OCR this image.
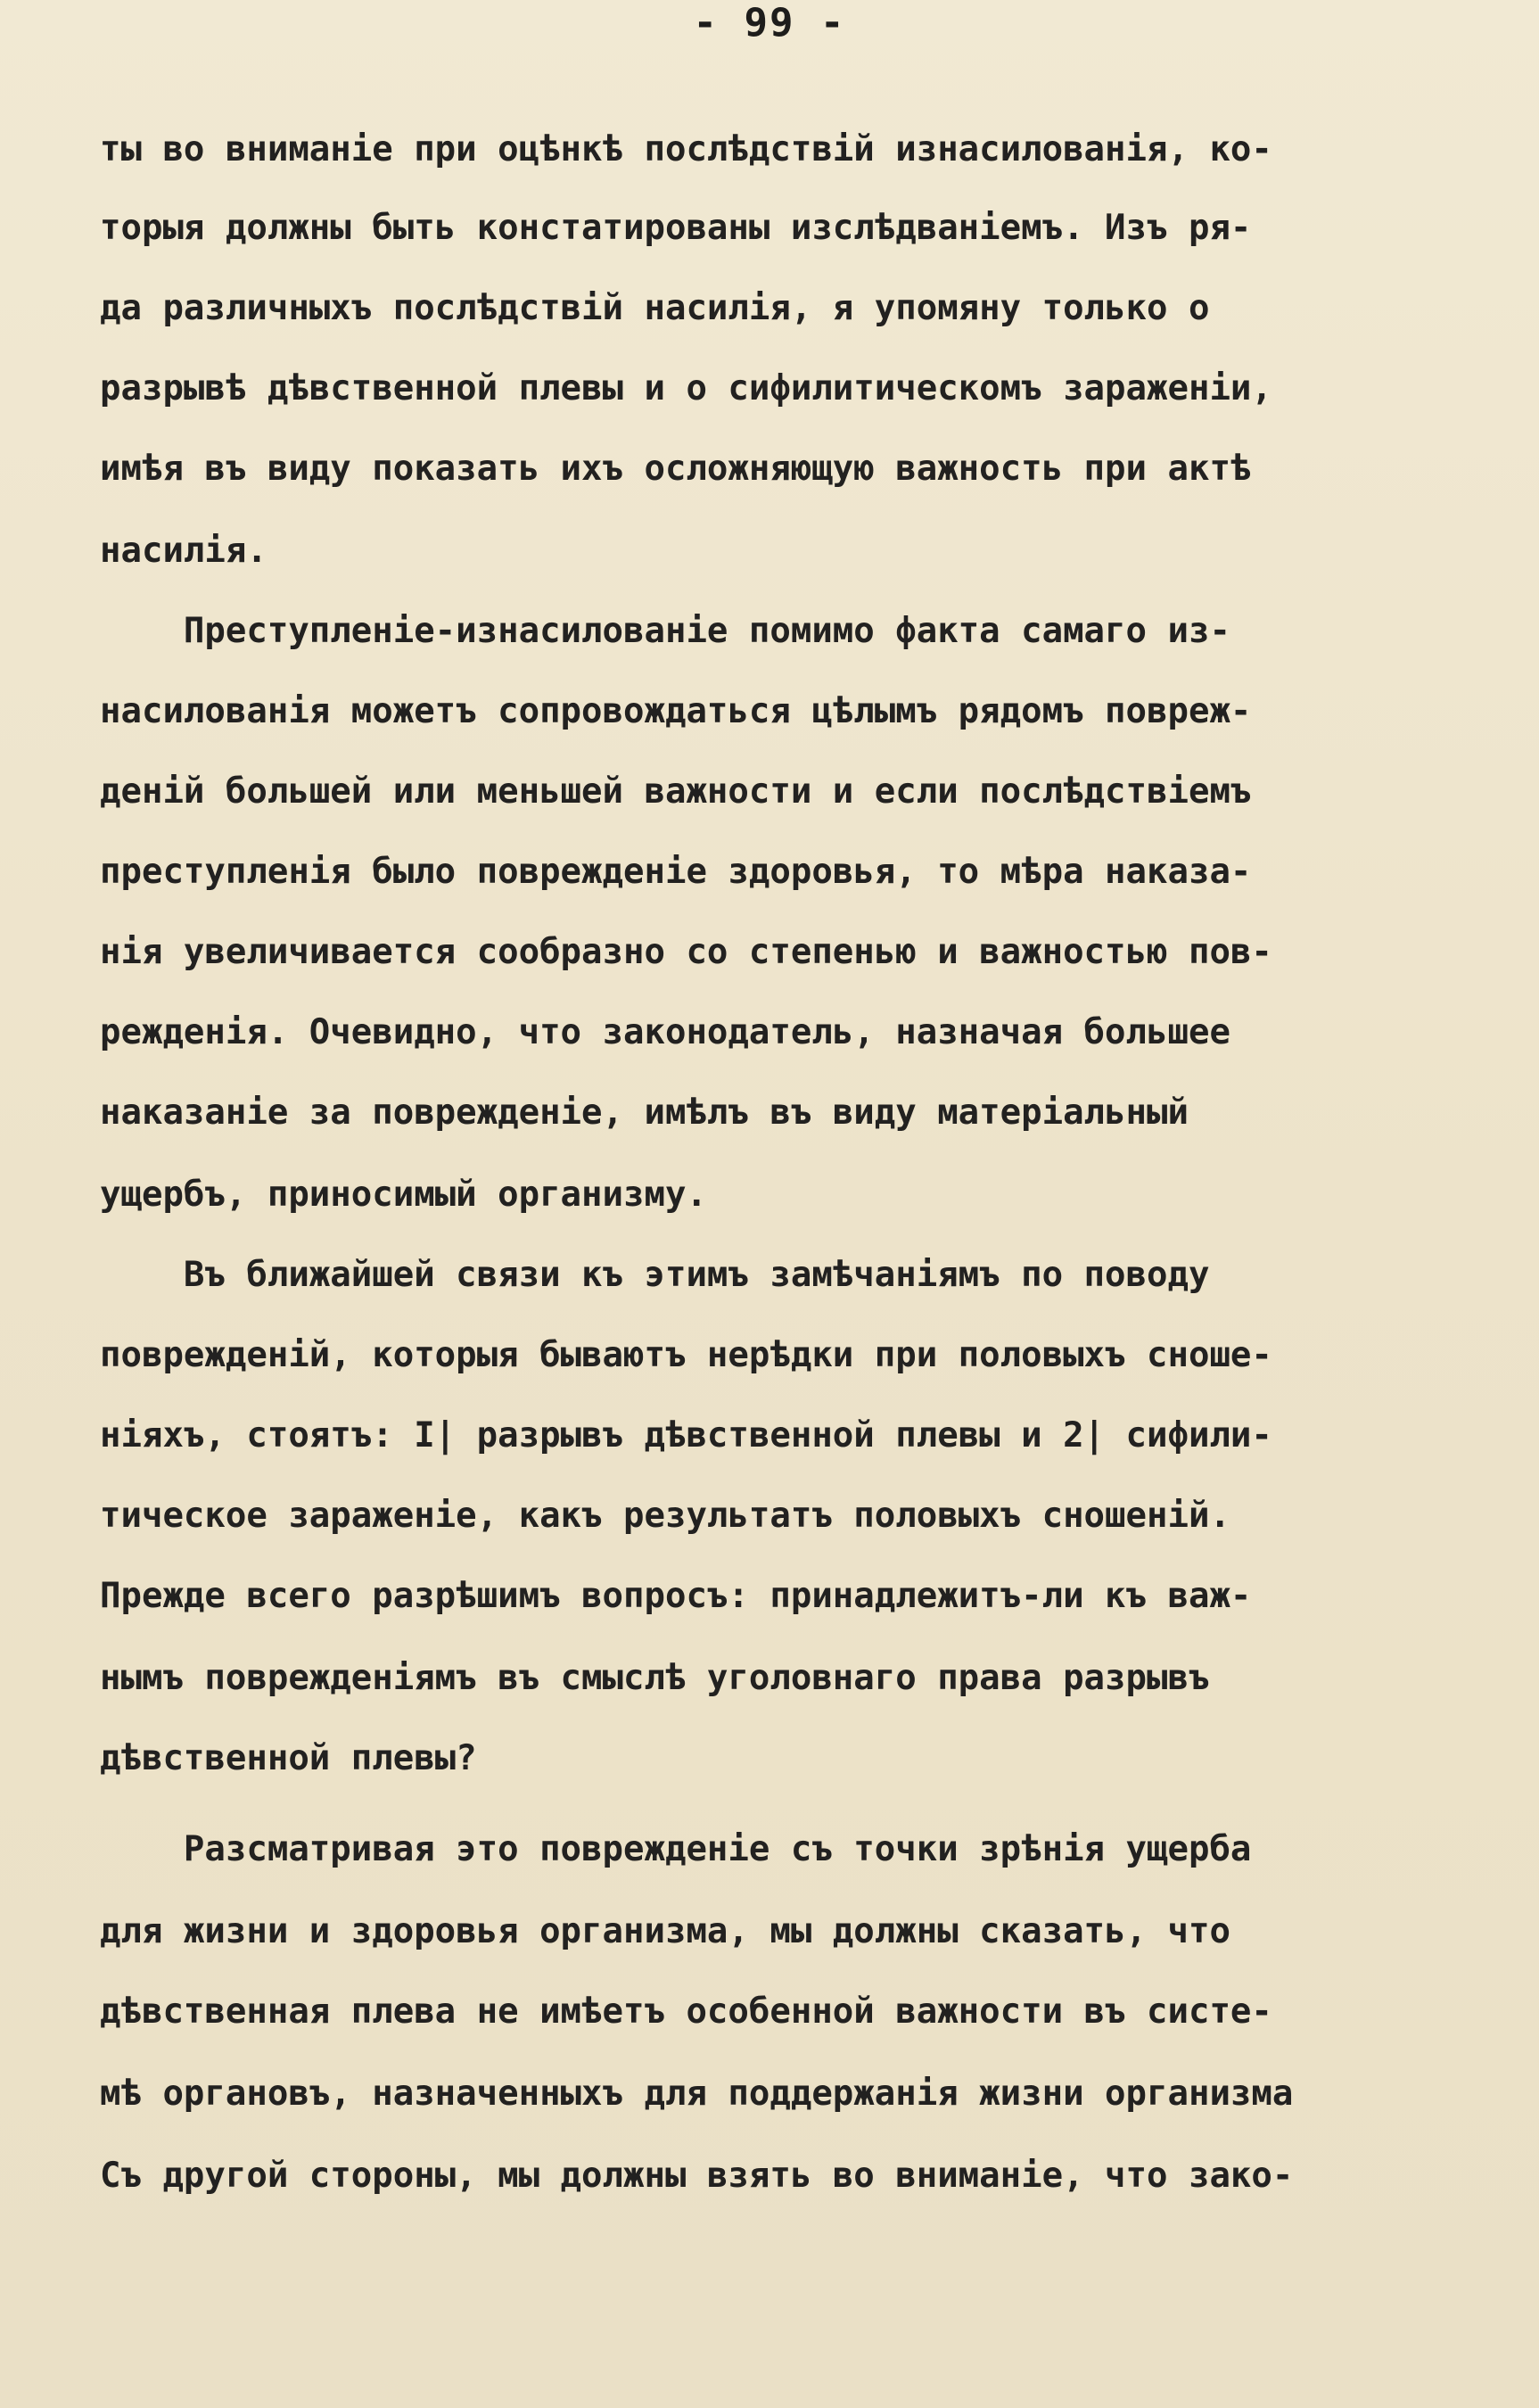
- 99 -
ты во вниманіе при оцѣнкѣ послѣдствій изнасилованія, ко-
торыя должны быть констатированы изслѣдваніемъ. Изъ ря-
да различныхъ послѣдствій насилія, я упомяну только о
разрывѣ дѣвственной плевы и о сифилитическомъ зараженіи,
имѣя въ виду показать ихъ осложняющую важность при актѣ
насилія.
Преступленіе-изнасилованіе помимо факта самаго из-
насилованія можетъ сопровождаться цѣлымъ рядомъ повреж-
деній большей или меньшей важности и если послѣдствіемъ
преступленія было поврежденіе здоровья, то мѣра наказа-
нія увеличивается сообразно со степенью и важностью пов-
режденія. Очевидно, что законодатель, назначая большее
наказаніе за поврежденіе, имѣлъ въ виду матеріальный
ущербъ, приносимый организму.
Въ ближайшей связи къ этимъ замѣчаніямъ по поводу
поврежденій, которыя бываютъ нерѣдки при половыхъ сноше-
ніяхъ, стоятъ: I| разрывъ дѣвственной плевы и 2| сифили-
тическое зараженіе, какъ результатъ половыхъ сношеній.
Прежде всего разрѣшимъ вопросъ: принадлежитъ-ли къ важ-
нымъ поврежденіямъ въ смыслѣ уголовнаго права разрывъ
дѣвственной плевы?
Разсматривая это поврежденіе съ точки зрѣнія ущерба
для жизни и здоровья организма, мы должны сказать, что
дѣвственная плева не имѣетъ особенной важности въ систе-
мѣ органовъ, назначенныхъ для поддержанія жизни организма
Съ другой стороны, мы должны взять во вниманіе, что зако-
